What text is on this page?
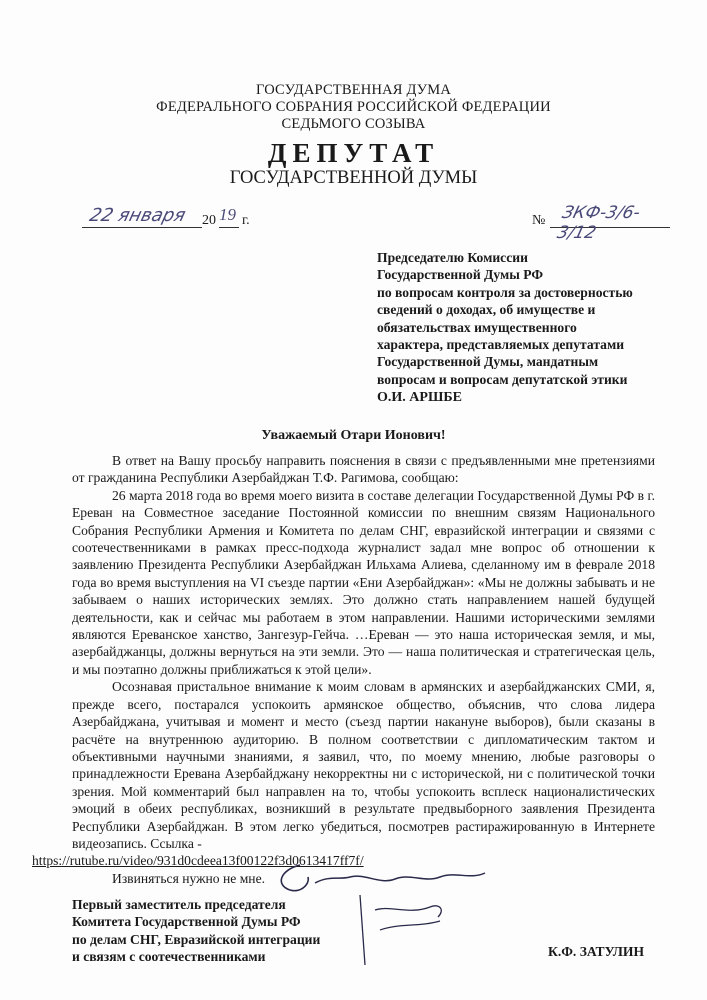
ГОСУДАРСТВЕННАЯ ДУМА
ФЕДЕРАЛЬНОГО СОБРАНИЯ РОССИЙСКОЙ ФЕДЕРАЦИИ
СЕДЬМОГО СОЗЫВА
ДЕПУТАТ
ГОСУДАРСТВЕННОЙ ДУМЫ
22 января 20 19 г.	№ ЗКФ-3/6-3/12
Председателю Комиссии
Государственной Думы РФ
по вопросам контроля за достоверностью
сведений о доходах, об имуществе и
обязательствах имущественного
характера, представляемых депутатами
Государственной Думы, мандатным
вопросам и вопросам депутатской этики
О.И. АРШБЕ
Уважаемый Отари Ионович!

В ответ на Вашу просьбу направить пояснения в связи с предъявленными мне претензиями от гражданина Республики Азербайджан Т.Ф. Рагимова, сообщаю:

26 марта 2018 года во время моего визита в составе делегации Государственной Думы РФ в г. Ереван на Совместное заседание Постоянной комиссии по внешним связям Национального Собрания Республики Армения и Комитета по делам СНГ, евразийской интеграции и связями с соотечественниками в рамках пресс-подхода журналист задал мне вопрос об отношении к заявлению Президента Республики Азербайджан Ильхама Алиева, сделанному им в феврале 2018 года во время выступления на VI съезде партии «Ени Азербайджан»: «Мы не должны забывать и не забываем о наших исторических землях. Это должно стать направлением нашей будущей деятельности, как и сейчас мы работаем в этом направлении. Нашими историческими землями являются Ереванское ханство, Зангезур-Гейча. …Ереван — это наша историческая земля, и мы, азербайджанцы, должны вернуться на эти земли. Это — наша политическая и стратегическая цель, и мы поэтапно должны приближаться к этой цели».

Осознавая пристальное внимание к моим словам в армянских и азербайджанских СМИ, я, прежде всего, постарался успокоить армянское общество, объяснив, что слова лидера Азербайджана, учитывая и момент и место (съезд партии накануне выборов), были сказаны в расчёте на внутреннюю аудиторию. В полном соответствии с дипломатическим тактом и объективными научными знаниями, я заявил, что, по моему мнению, любые разговоры о принадлежности Еревана Азербайджану некорректны ни с исторической, ни с политической точки зрения. Мой комментарий был направлен на то, чтобы успокоить всплеск националистических эмоций в обеих республиках, возникший в результате предвыборного заявления Президента Республики Азербайджан. В этом легко убедиться, посмотрев растиражированную в Интернете видеозапись. Ссылка -
https://rutube.ru/video/931d0cdeea13f00122f3d0613417ff7f/

Извиняться нужно не мне.

Первый заместитель председателя
Комитета Государственной Думы РФ
по делам СНГ, Евразийской интеграции
и связям с соотечественниками	К.Ф. ЗАТУЛИН
